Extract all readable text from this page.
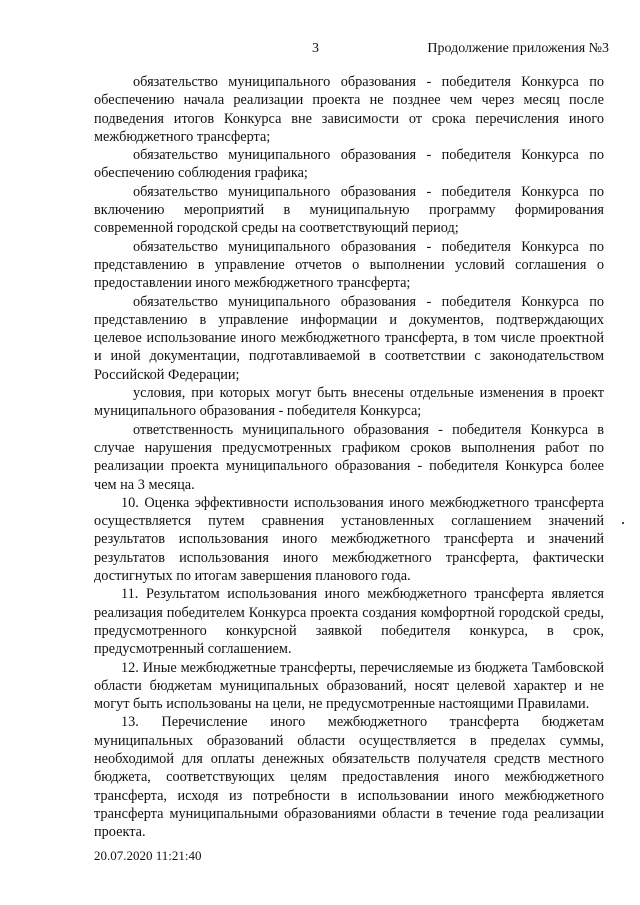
3	Продолжение приложения №3

обязательство муниципального образования - победителя Конкурса по обеспечению начала реализации проекта не позднее чем через месяц после подведения итогов Конкурса вне зависимости от срока перечисления иного межбюджетного трансферта;

обязательство муниципального образования - победителя Конкурса по обеспечению соблюдения графика;

обязательство муниципального образования - победителя Конкурса по включению мероприятий в муниципальную программу формирования современной городской среды на соответствующий период;

обязательство муниципального образования - победителя Конкурса по представлению в управление отчетов о выполнении условий соглашения о предоставлении иного межбюджетного трансферта;

обязательство муниципального образования - победителя Конкурса по представлению в управление информации и документов, подтверждающих целевое использование иного межбюджетного трансферта, в том числе проектной и иной документации, подготавливаемой в соответствии с законодательством Российской Федерации;

условия, при которых могут быть внесены отдельные изменения в проект муниципального образования - победителя Конкурса;

ответственность муниципального образования - победителя Конкурса в случае нарушения предусмотренных графиком сроков выполнения работ по реализации проекта муниципального образования - победителя Конкурса более чем на 3 месяца.

10. Оценка эффективности использования иного межбюджетного трансферта осуществляется путем сравнения установленных соглашением значений результатов использования иного межбюджетного трансферта и значений результатов использования иного межбюджетного трансферта, фактически достигнутых по итогам завершения планового года.

11. Результатом использования иного межбюджетного трансферта является реализация победителем Конкурса проекта создания комфортной городской среды, предусмотренного конкурсной заявкой победителя конкурса, в срок, предусмотренный соглашением.

12. Иные межбюджетные трансферты, перечисляемые из бюджета Тамбовской области бюджетам муниципальных образований, носят целевой характер и не могут быть использованы на цели, не предусмотренные настоящими Правилами.

13. Перечисление иного межбюджетного трансферта бюджетам муниципальных образований области осуществляется в пределах суммы, необходимой для оплаты денежных обязательств получателя средств местного бюджета, соответствующих целям предоставления иного межбюджетного трансферта, исходя из потребности в использовании иного межбюджетного трансферта муниципальными образованиями области в течение года реализации проекта.

20.07.2020 11:21:40
